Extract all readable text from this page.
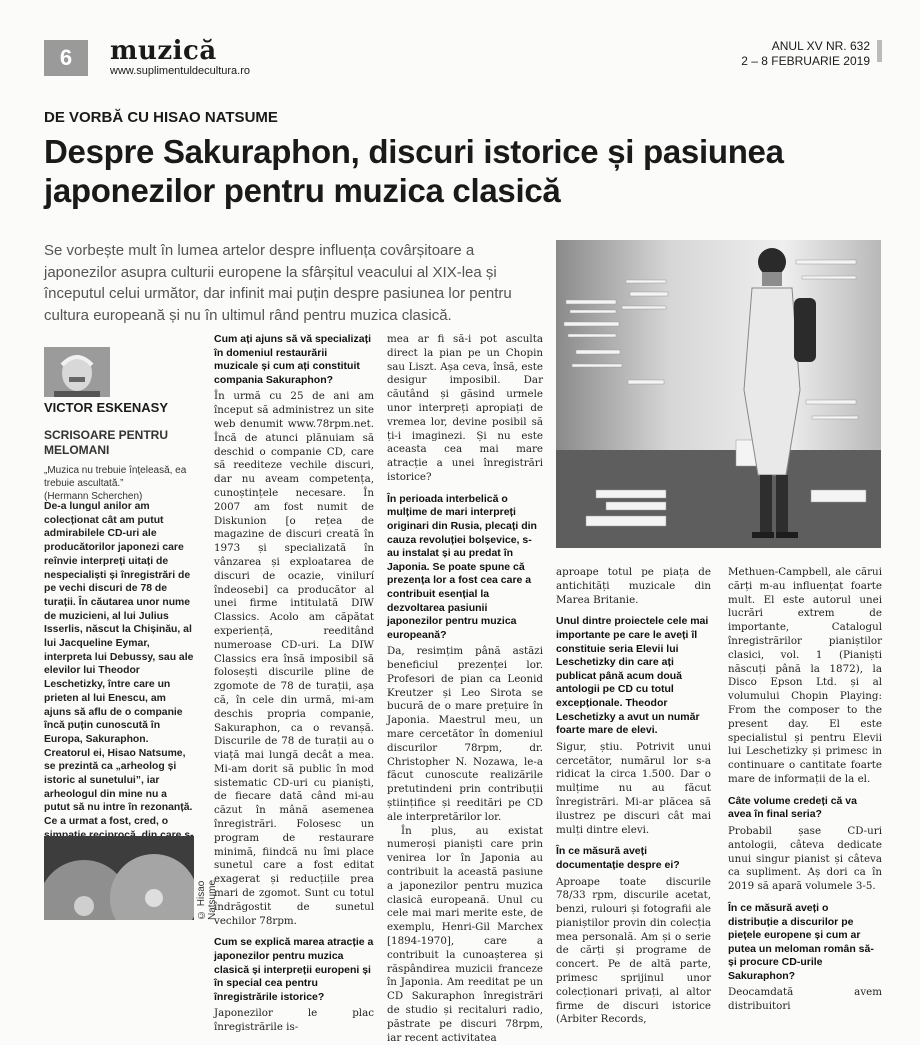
6	muzică
www.suplimentuldecultura.ro
ANUL XV NR. 632
2 – 8 FEBRUARIE 2019
DE VORBĂ CU HISAO NATSUME
Despre Sakuraphon, discuri istorice și pasiunea japonezilor pentru muzica clasică

Se vorbește mult în lumea artelor despre influența covârșitoare a japonezilor asupra culturii europene la sfârșitul veacului al XIX-lea și începutul celui următor, dar infinit mai puțin despre pasiunea lor pentru cultura europeană și nu în ultimul rând pentru muzica clasică.

VICTOR ESKENASY
SCRISOARE PENTRU MELOMANI
„Muzica nu trebuie înțeleasă, ea trebuie ascultată.”
(Hermann Scherchen)

De-a lungul anilor am colecționat cât am putut admirabilele CD-uri ale producătorilor japonezi care reînvie interpreți uitați de nespecialiști și înregistrări de pe vechi discuri de 78 de turații. În căutarea unor nume de muzicieni, al lui Julius Isserlis, născut la Chișinău, al lui Jacqueline Eymar, interpreta lui Debussy, sau ale elevilor lui Theodor Leschetizky, între care un prieten al lui Enescu, am ajuns să aflu de o companie încă puțin cunoscută în Europa, Sakuraphon. Creatorul ei, Hisao Natsume, se prezintă ca „arheolog și istoric al sunetului”, iar arheologul din mine nu a putut să nu intre în rezonanță. Ce a urmat a fost, cred, o

© Hisao Natsume

Cum ați ajuns să vă specializați în domeniul restaurării muzicale și cum ați constituit compania Sakuraphon?

În urmă cu 25 de ani am început să administrez un site web denumit www.78rpm.net. Încă de atunci plănuiam să deschid o companie CD, care să reediteze vechile discuri, dar nu aveam competența, cunoștințele necesare. În 2007 am fost numit de Diskunion [o rețea de magazine de discuri creată în 1973 și specializată în vânzarea și exploatarea de discuri de ocazie, vinilurí îndeosebi] ca producător al unei firme intitulată DIW Classics. Acolo am căpătat experiență, reeditând numeroase CD-uri. La DIW Classics era însă imposibil să folosești discurile pline de zgomote de 78 de turații, așa că, în cele din urmă, mi-am deschis propria companie, Sakuraphon, ca o revanșă. Discurile de 78 de turații au o viață mai lungă decât a mea. Mi-am dorit să public în mod sistematic CD-uri cu pianiști, de fiecare dată când mi-au căzut în mână asemenea înregistrări. Folosesc un program de restaurare minimă, fiindcă nu îmi place sunetul care a fost editat exagerat și reducțiile prea mari de zgomot. Sunt cu totul îndrăgostit de sunetul vechilor 78rpm.

Cum se explică marea atracție a japonezilor pentru muzica clasică și interpreții europeni și în special cea pentru înregistrările istorice?

Japonezilor le plac înregistrările is-

mea ar fi să-i pot asculta direct la pian pe un Chopin sau Liszt. Așa ceva, însă, este desigur imposibil. Dar căutând și găsind urmele unor interpreți apropiați de vremea lor, devine posibil să ți-i imaginezi. Și nu este aceasta cea mai mare atracție a unei înregistrări istorice?

În perioada interbelică o mulțime de mari interpreți originari din Rusia, plecați din cauza revoluției bolșevice, s-au instalat și au predat în Japonia. Se poate spune că prezența lor a fost cea care a contribuit esențial la dezvoltarea pasiunii japonezilor pentru muzica europeană?

Da, resimțim până astăzi beneficiul prezenței lor. Profesori de pian ca Leonid Kreutzer și Leo Sirota se bucură de o mare prețuire în Japonia. Maestrul meu, un mare cercetător în domeniul discurilor 78rpm, dr. Christopher N. Nozawa, le-a făcut cunoscute realizările pretutindeni prin contribuții științifice și reeditări pe CD ale interpretărilor lor.

În plus, au existat numeroși pianiști care prin venirea lor în Japonia au contribuit la această pasiune a japonezilor pentru muzica clasică europeană. Unul cu cele mai mari merite este, de exemplu, Henri-Gil Marchex [1894-1970], care a contribuit la cunoașterea și răspândirea muzicii franceze în Japonia. Am reeditat pe un CD Sakuraphon înregistrări de studio și recitaluri radio, păstrate pe discuri 78rpm, iar recent activitatea

aproape totul pe piața de antichități muzicale din Marea Britanie.

Unul dintre proiectele cele mai importante pe care le aveți îl constituie seria Elevii lui Leschetizky din care ați publicat până acum două antologii pe CD cu totul excepționale. Theodor Leschetizky a avut un număr foarte mare de elevi.

Sigur, știu. Potrivit unui cercetător, numărul lor s-a ridicat la circa 1.500. Dar o mulțime nu au făcut înregistrări. Mi-ar plăcea să ilustrez pe discuri cât mai mulți dintre elevi.

În ce măsură aveți documentație despre ei?

Aproape toate discurile 78/33 rpm, discurile acetat, benzi, rulouri și fotografii ale pianiștilor provin din colecția mea personală. Am și o serie de cărți și programe de concert. Pe de altă parte, primesc sprijinul unor colecționari privați, al altor firme de discuri istorice (Arbiter Records,

Methuen-Campbell, ale cărui cărți m-au influențat foarte mult. El este autorul unei lucrări extrem de importante, Catalogul înregistrărilor pianiștilor clasici, vol. 1 (Pianiști născuți până la 1872), la Disco Epson Ltd. și al volumului Chopin Playing: From the composer to the present day. El este specialistul și pentru Elevii lui Leschetizky și primesc in continuare o cantitate foarte mare de informații de la el.

Câte volume credeți că va avea în final seria?

Probabil șase CD-uri antologii, câteva dedicate unui singur pianist și câteva ca supliment. Aș dori ca în 2019 să apară volumele 3-5.

În ce măsură aveți o distribuție a discurilor pe piețele europene și cum ar putea un meloman român să-și procure CD-urile Sakuraphon?

Deocamdată avem distribuitori
